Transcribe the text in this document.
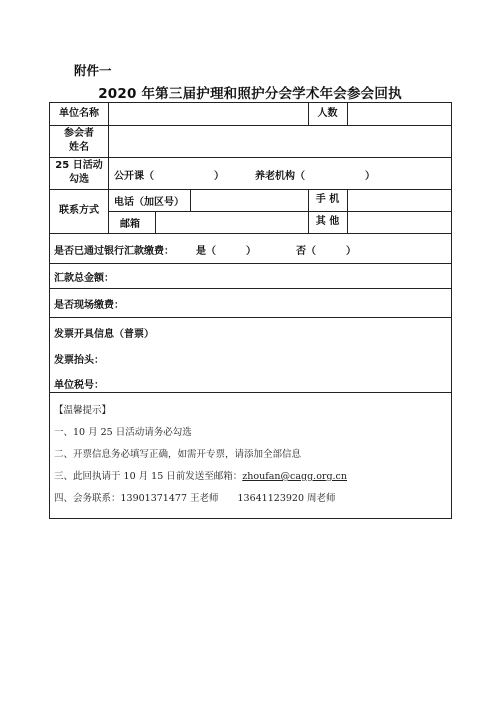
附件一
2020 年第三届护理和照护分会学术年会参会回执
单位名称	人数
参会者
姓名
25 日活动
勾选	公开课（　　　　　　）	养老机构（　　　　　　）
联系方式
电话（加区号）	手 机
邮箱	其 他
是否已通过银行汇款缴费： 是（　　　）	否（　　　）
汇款总金额：
是否现场缴费：
发票开具信息（普票）
发票抬头：
单位税号：
【温馨提示】
一、10 月 25 日活动请务必勾选
二、开票信息务必填写正确，如需开专票，请添加全部信息
三、此回执请于 10 月 15 日前发送至邮箱：zhoufan@cagg.org.cn
四、会务联系：13901371477 王老师　　13641123920 周老师
